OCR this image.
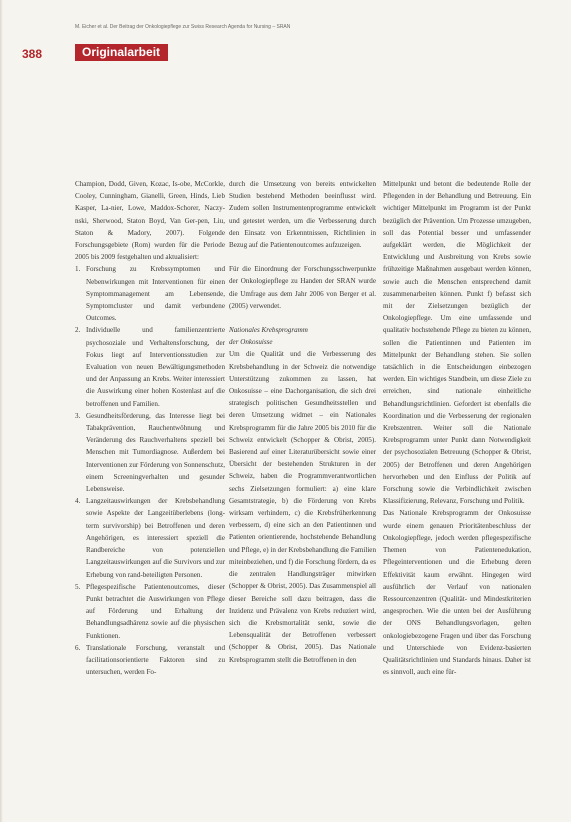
M. Eicher et al. Der Beitrag der Onkologiepflege zur Swiss Research Agenda for Nursing – SRAN
388	Originalarbeit

Champion, Dodd, Given, Kozac, Is-obe, McCorkle, Cooley, Cunningham, Gianelli, Green, Hinds, Lieb Kasper, La-nier, Lowe, Maddox-Schorer, Naczy-nski, Sherwood, Staton Boyd, Van Ger-pen, Liu, Staton & Madory, 2007). Folgende Forschungsgebiete (Rom) wurden für die Periode 2005 bis 2009 festgehalten und aktualisiert:

1. Forschung zu Krebssymptomen und Nebenwirkungen mit Interventionen für einen Symptommanagement am Lebensende, Symptomcluster und damit verbundene Outcomes.
2. Individuelle und familienzentrierte psychosoziale und Verhaltensforschung, der Fokus liegt auf Interventionsstudien zur Evaluation von neuen Bewältigungsmethoden und der Anpassung an Krebs. Weiter interessiert die Auswirkung einer hohen Kostenlast auf die betroffenen und Familien.
3. Gesundheitsförderung, das Interesse liegt bei Tabakprävention, Rauchentwöhnung und Veränderung des Rauchverhaltens speziell bei Menschen mit Tumordiagnose. Außerdem bei Interventionen zur Förderung von Sonnenschutz, einem Screeningverhalten und gesunder Lebensweise.
4. Langzeitauswirkungen der Krebsbehandlung sowie Aspekte der Langzeitüberlebens (long-term survivorship) bei Betroffenen und deren Angehörigen, es interessiert speziell die Randbereiche von potenziellen Langzeitauswirkungen auf die Survivors und zur Erhebung von rand-beteiligten Personen.
5. Pflegespezifische Patientenoutcomes, dieser Punkt betrachtet die Auswirkungen von Pflege auf Förderung und Erhaltung der Behandlungsadhärenz sowie auf die physischen Funktionen.
6. Translationale Forschung, veranstalt und facilitationsorientierte Faktoren sind zu untersuchen, werden Fo-

durch die Umsetzung von bereits entwickelten Studien bestehend Methoden beeinflusst wird. Zudem sollen Instrumentenprogramme entwickelt und getestet werden, um die Verbesserung durch den Einsatz von Erkenntnissen, Richtlinien in Bezug auf die Patientenoutcomes aufzuzeigen.

Für die Einordnung der Forschungsschwerpunkte der Onkologiepflege zu Handen der SRAN wurde die Umfrage aus dem Jahr 2006 von Berger et al. (2005) verwendet.

Nationales Krebsprogramm
der Onkosuisse

Um die Qualität und die Verbesserung des Krebsbehandlung in der Schweiz die notwendige Unterstützung zukommen zu lassen, hat Onkosuisse – eine Dachorganisation, die sich drei strategisch politischen Gesundheitsstellen und deren Umsetzung widmet – ein Nationales Krebsprogramm für die Jahre 2005 bis 2010 für die Schweiz entwickelt (Schopper & Obrist, 2005). Basierend auf einer Literaturübersicht sowie einer Übersicht der bestehenden Strukturen in der Schweiz, haben die Programmverantwortlichen sechs Zielsetzungen formuliert: a) eine klare Gesamtstrategie, b) die Förderung von Krebs wirksam verhindern, c) die Krebsfrüherkennung verbessern, d) eine sich an den Patientinnen und Patienten orientierende, hochstehende Behandlung und Pflege, e) in der Krebsbehandlung die Familien miteinbeziehen, und f) die Forschung fördern, da es die zentralen Handlungsträger mitwirken (Schopper & Obrist, 2005). Das Zusammenspiel all dieser Bereiche soll dazu beitragen, dass die Inzidenz und Prävalenz von Krebs reduziert wird, sich die Krebsmortalität senkt, sowie die Lebensqualität der Betroffenen verbessert (Schopper & Obrist, 2005). Das Nationale Krebsprogramm stellt die Betroffenen in den

Mittelpunkt und betont die bedeutende Rolle der Pflegenden in der Behandlung und Betreuung. Ein wichtiger Mittelpunkt im Programm ist der Punkt bezüglich der Prävention. Um Prozesse umzugeben, soll das Potential besser und umfassender aufgeklärt werden, die Möglichkeit der Entwicklung und Ausbreitung von Krebs sowie frühzeitige Maßnahmen ausgebaut werden können, sowie auch die Menschen entsprechend damit zusammenarbeiten können. Punkt f) befasst sich mit der Zielsetzungen bezüglich der Onkologiepflege. Um eine umfassende und qualitativ hochstehende Pflege zu bieten zu können, sollen die Patientinnen und Patienten im Mittelpunkt der Behandlung stehen. Sie sollen tatsächlich in die Entscheidungen einbezogen werden. Ein wichtiges Standbein, um diese Ziele zu erreichen, sind nationale einheitliche Behandlungsrichtlinien. Gefordert ist ebenfalls die Koordination und die Verbesserung der regionalen Krebszentren. Weiter soll die Nationale Krebsprogramm unter Punkt dann Notwendigkeit der psychosozialen Betreuung (Schopper & Obrist, 2005) der Betroffenen und deren Angehörigen hervorheben und den Einfluss der Politik auf Forschung sowie die Verbindlichkeit zwischen Klassifizierung, Relevanz, Forschung und Politik.

Das Nationale Krebsprogramm der Onkosuisse wurde einem genauen Prioritätenbeschluss der Onkologiepflege, jedoch werden pflegespezifische Themen von Patientenedukation, Pflegeinterventionen und die Erhebung deren Effektivität kaum erwähnt. Hingegen wird ausführlich der Verlauf von nationalen Ressourcenzentren (Qualität- und Mindestkriterien angesprochen. Wie die unten bei der Ausführung der ONS Behandlungsvorlagen, gelten onkologiebezogene Fragen und über das Forschung und Unterschiede von Evidenz-basierten Qualitätsrichtlinien und Standards hinaus. Daher ist es sinnvoll, auch eine für-
